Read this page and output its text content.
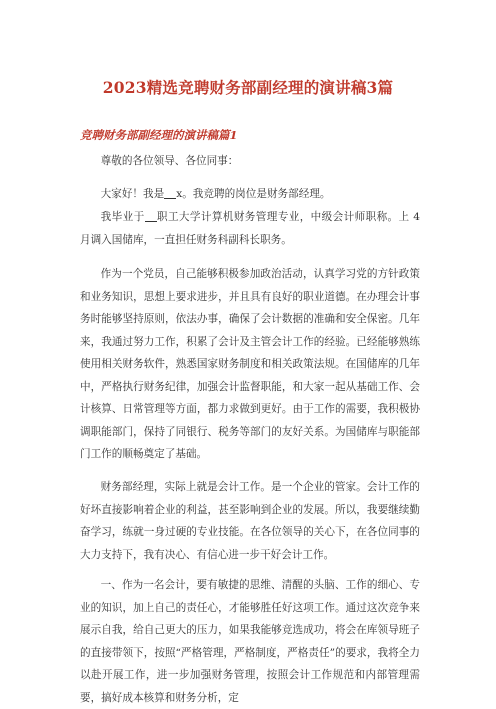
2023精选竞聘财务部副经理的演讲稿3篇
竞聘财务部副经理的演讲稿篇1

尊敬的各位领导、各位同事：

大家好！我是 x。我竞聘的岗位是财务部经理。

我毕业于 职工大学计算机财务管理专业，中级会计师职称。上 4 月调入国储库，一直担任财务科副科长职务。

作为一个党员，自己能够积极参加政治活动，认真学习党的方针政策和业务知识，思想上要求进步，并且具有良好的职业道德。在办理会计事务时能够坚持原则，依法办事，确保了会计数据的准确和安全保密。几年来，我通过努力工作，积累了会计及主管会计工作的经验。已经能够熟练使用相关财务软件，熟悉国家财务制度和相关政策法规。在国储库的几年中，严格执行财务纪律，加强会计监督职能，和大家一起从基础工作、会计核算、日常管理等方面，都力求做到更好。由于工作的需要，我积极协调职能部门，保持了同银行、税务等部门的友好关系。为国储库与职能部门工作的顺畅奠定了基础。

财务部经理，实际上就是会计工作。是一个企业的管家。会计工作的好坏直接影响着企业的利益，甚至影响到企业的发展。所以，我要继续勤奋学习，练就一身过硬的专业技能。在各位领导的关心下，在各位同事的大力支持下，我有决心、有信心进一步干好会计工作。

一、作为一名会计，要有敏捷的思维、清醒的头脑、工作的细心、专业的知识，加上自己的责任心，才能够胜任好这项工作。通过这次竞争来展示自我，给自己更大的压力，如果我能够竞选成功，将会在库领导班子的直接带领下，按照“严格管理，严格制度，严格责任”的要求，我将全力以赴开展工作，进一步加强财务管理，按照会计工作规范和内部管理需要，搞好成本核算和财务分析，定
